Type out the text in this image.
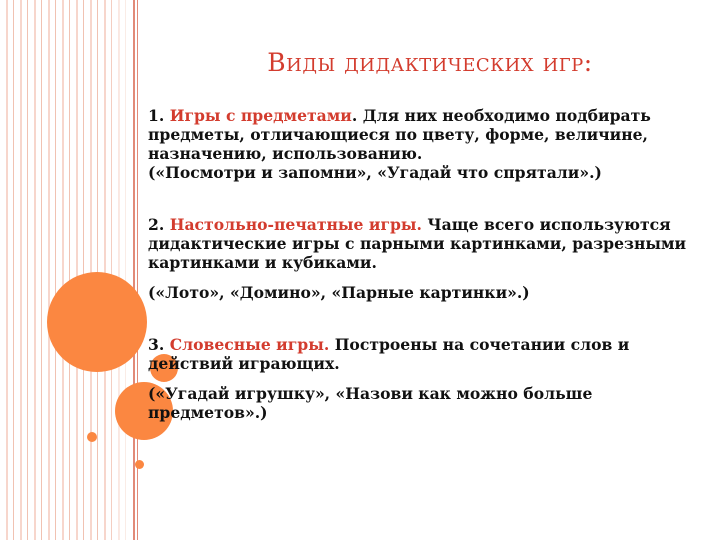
Виды дидактических игр:

1. Игры с предметами. Для них необходимо подбирать предметы, отличающиеся по цвету, форме, величине, назначению, использованию.

(«Посмотри и запомни», «Угадай что спрятали».)

2. Настольно-печатные игры. Чаще всего используются дидактические игры с парными картинками, разрезными картинками и кубиками.

(«Лото», «Домино», «Парные картинки».)

3. Словесные игры. Построены на сочетании слов и действий играющих.

(«Угадай игрушку», «Назови как можно больше предметов».)
